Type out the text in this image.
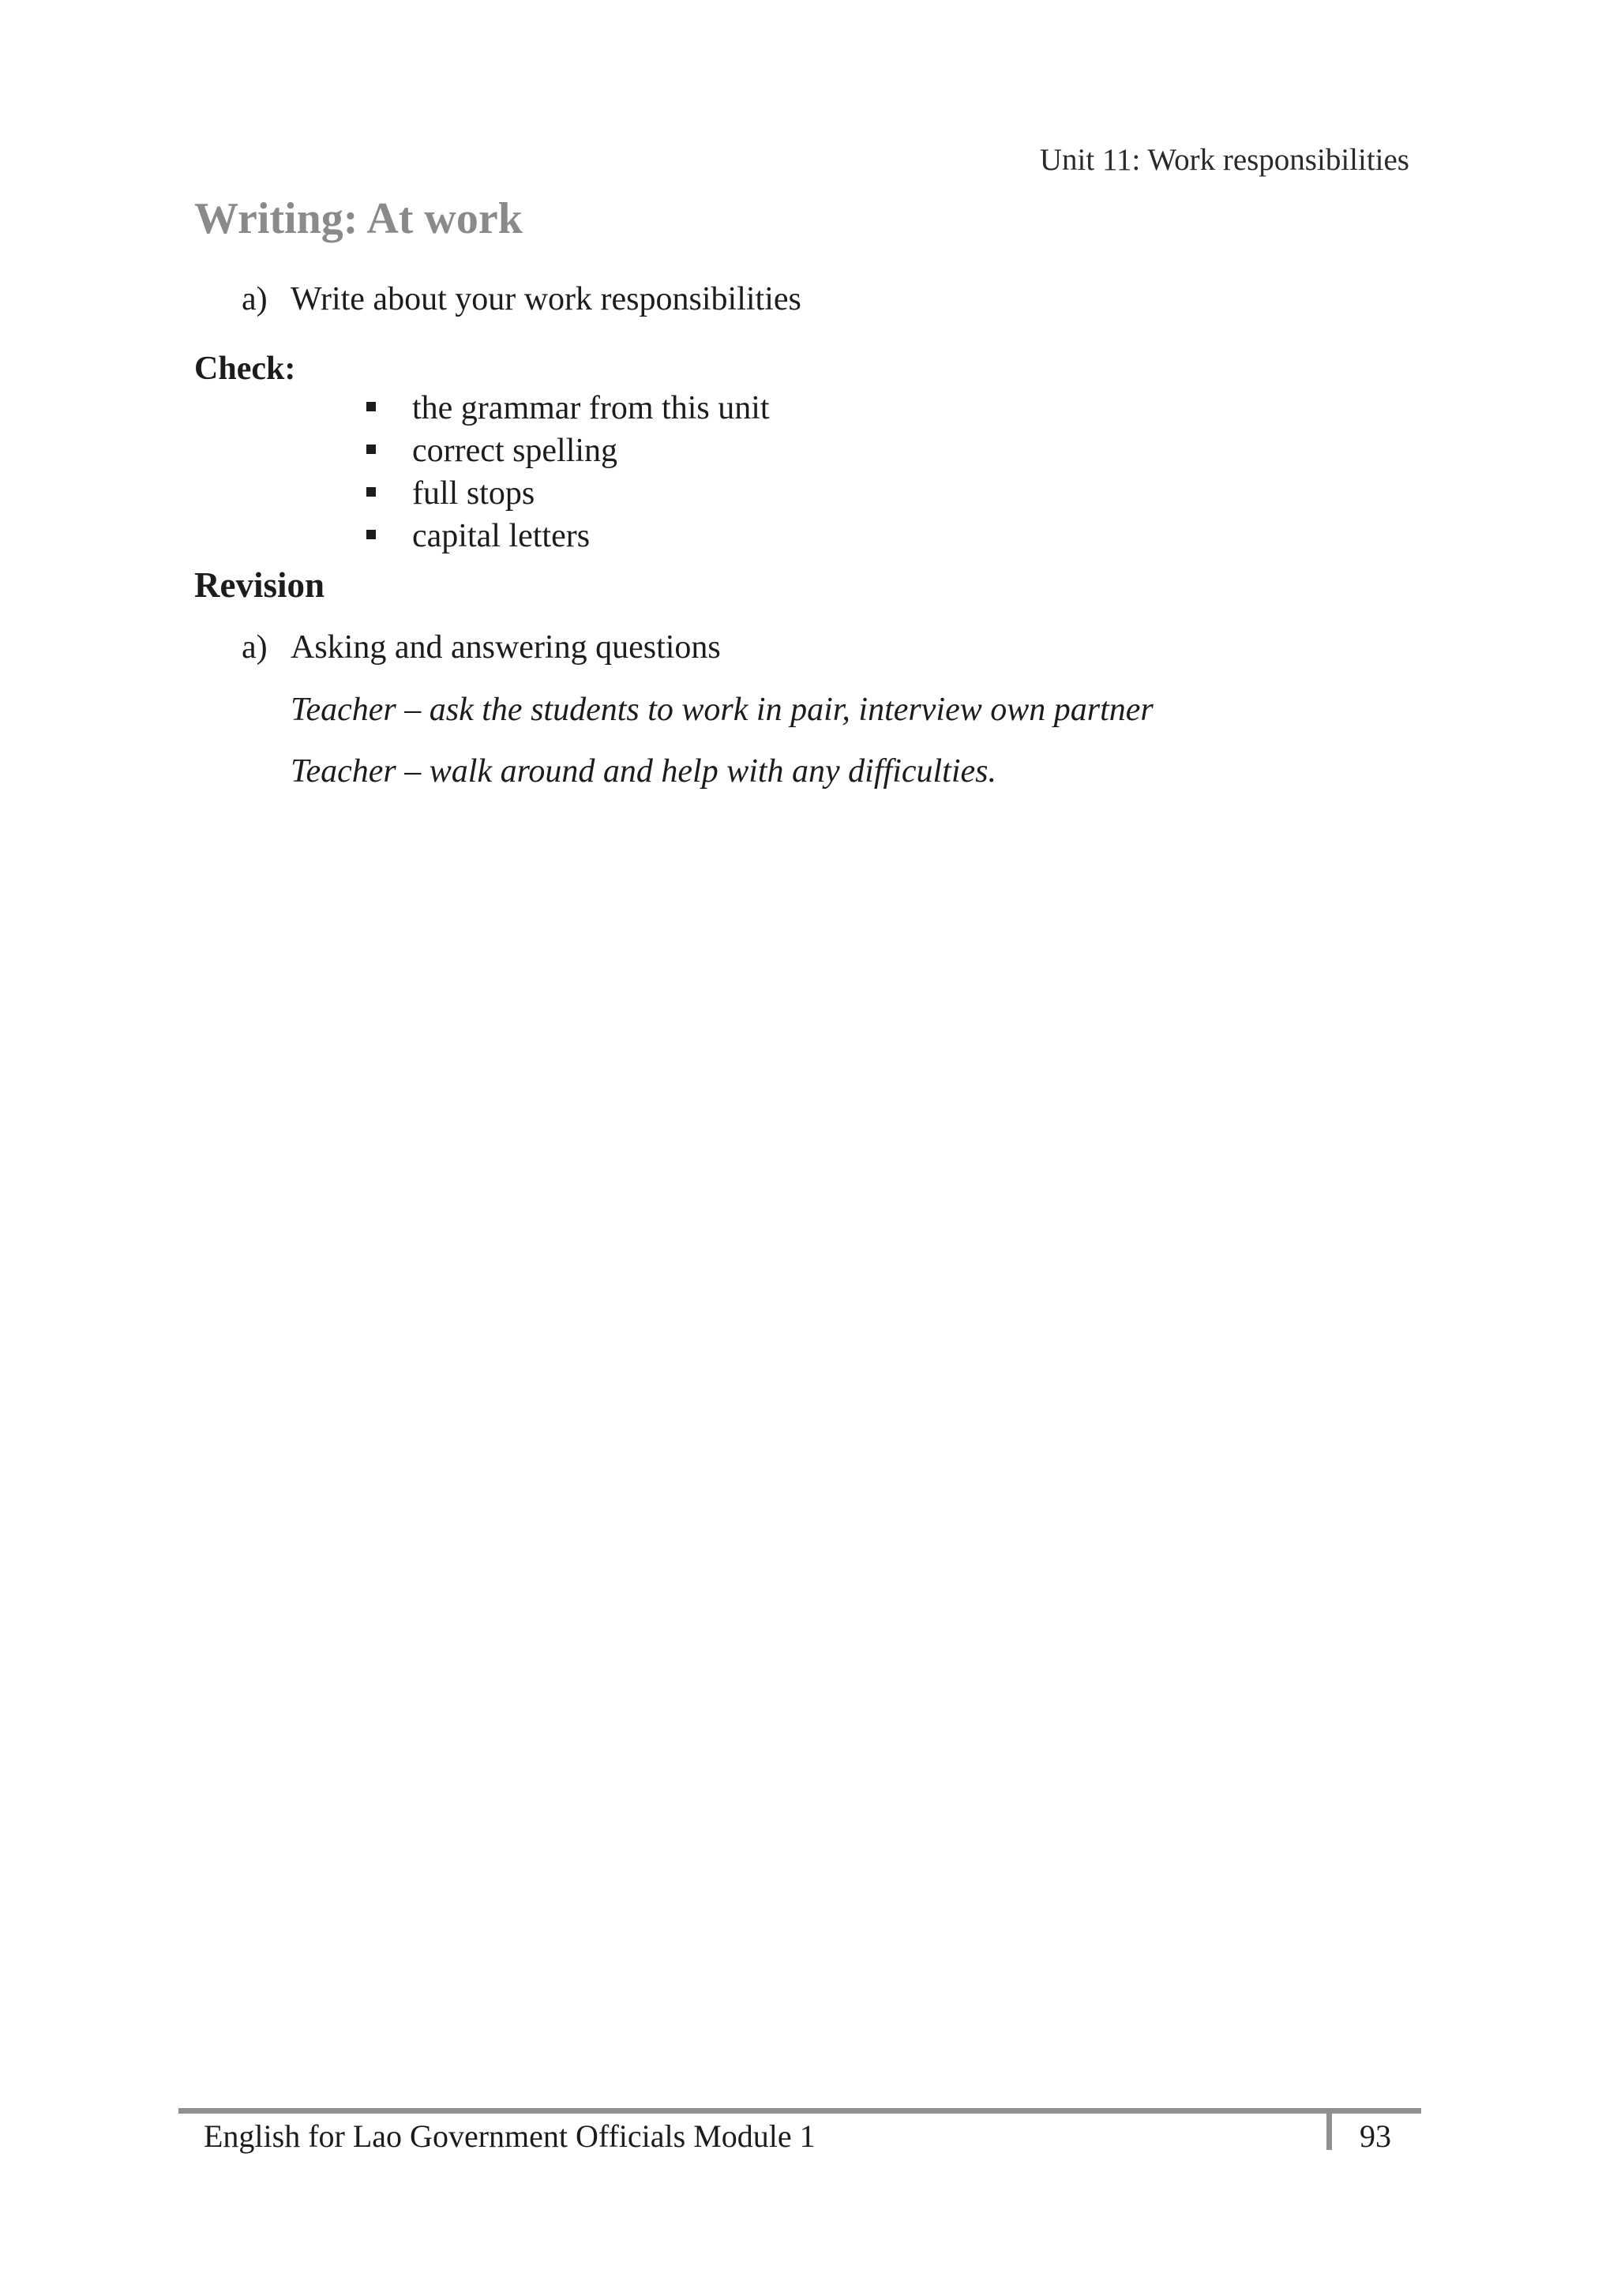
Unit 11: Work responsibilities
Writing: At work
a) Write about your work responsibilities
Check:
the grammar from this unit
correct spelling
full stops
capital letters
Revision
a) Asking and answering questions
Teacher – ask the students to work in pair, interview own partner
Teacher – walk around and help with any difficulties.
English for Lao Government Officials Module 1	93
